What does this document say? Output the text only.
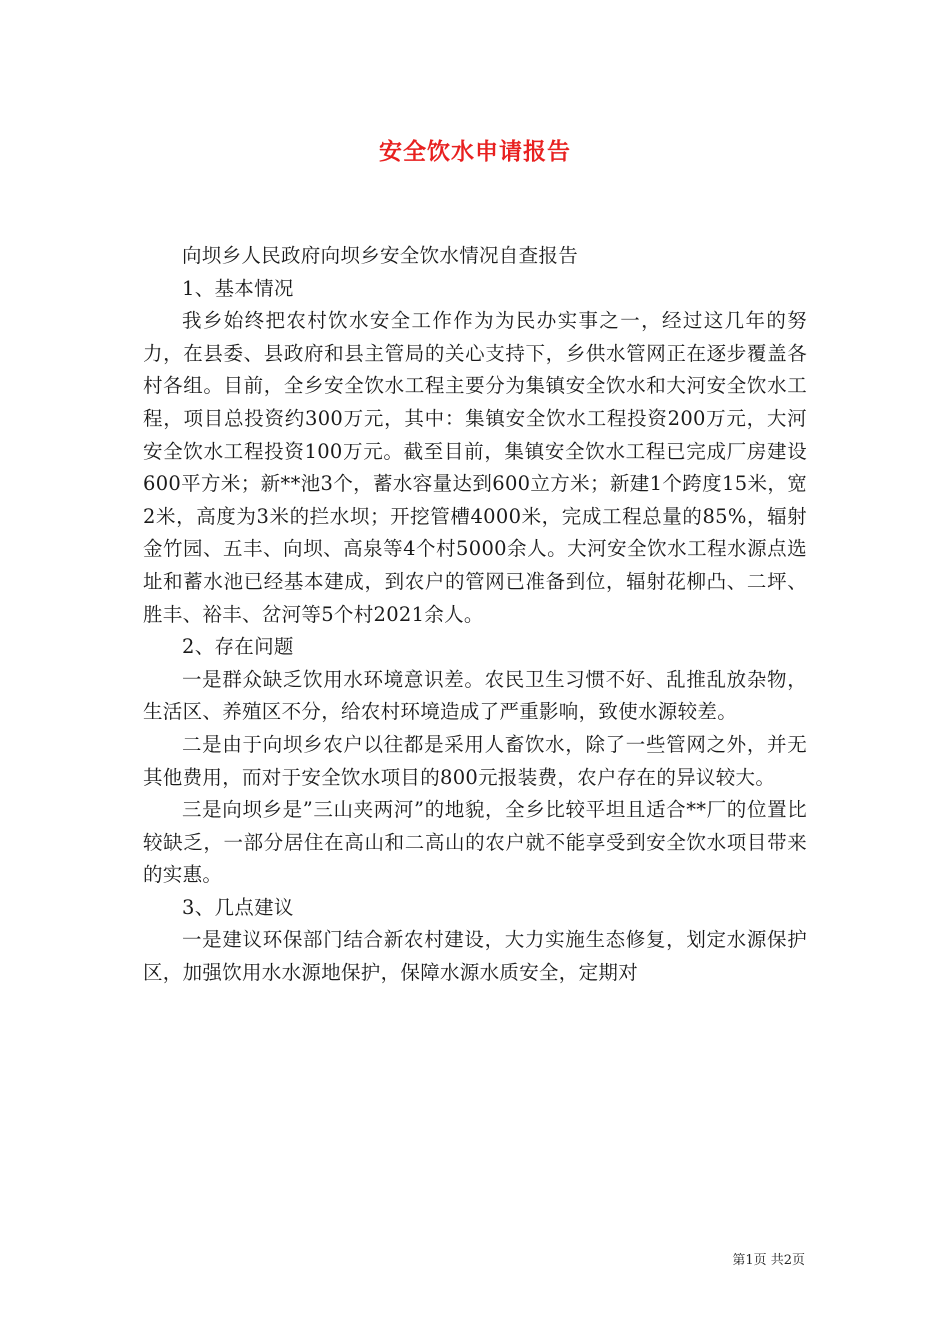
安全饮水申请报告

向坝乡人民政府向坝乡安全饮水情况自查报告

1、基本情况

我乡始终把农村饮水安全工作作为为民办实事之一，经过这几年的努力，在县委、县政府和县主管局的关心支持下，乡供水管网正在逐步覆盖各村各组。目前，全乡安全饮水工程主要分为集镇安全饮水和大河安全饮水工程，项目总投资约300万元，其中：集镇安全饮水工程投资200万元，大河安全饮水工程投资100万元。截至目前，集镇安全饮水工程已完成厂房建设600平方米；新**池3个，蓄水容量达到600立方米；新建1个跨度15米，宽2米，高度为3米的拦水坝；开挖管槽4000米，完成工程总量的85%，辐射金竹园、五丰、向坝、高泉等4个村5000余人。大河安全饮水工程水源点选址和蓄水池已经基本建成，到农户的管网已准备到位，辐射花柳凸、二坪、胜丰、裕丰、岔河等5个村2021余人。

2、存在问题

一是群众缺乏饮用水环境意识差。农民卫生习惯不好、乱推乱放杂物，生活区、养殖区不分，给农村环境造成了严重影响，致使水源较差。

二是由于向坝乡农户以往都是采用人畜饮水，除了一些管网之外，并无其他费用，而对于安全饮水项目的800元报装费，农户存在的异议较大。

三是向坝乡是”三山夹两河”的地貌，全乡比较平坦且适合**厂的位置比较缺乏，一部分居住在高山和二高山的农户就不能享受到安全饮水项目带来的实惠。

3、几点建议

一是建议环保部门结合新农村建设，大力实施生态修复，划定水源保护区，加强饮用水水源地保护，保障水源水质安全，定期对

第1页 共2页
